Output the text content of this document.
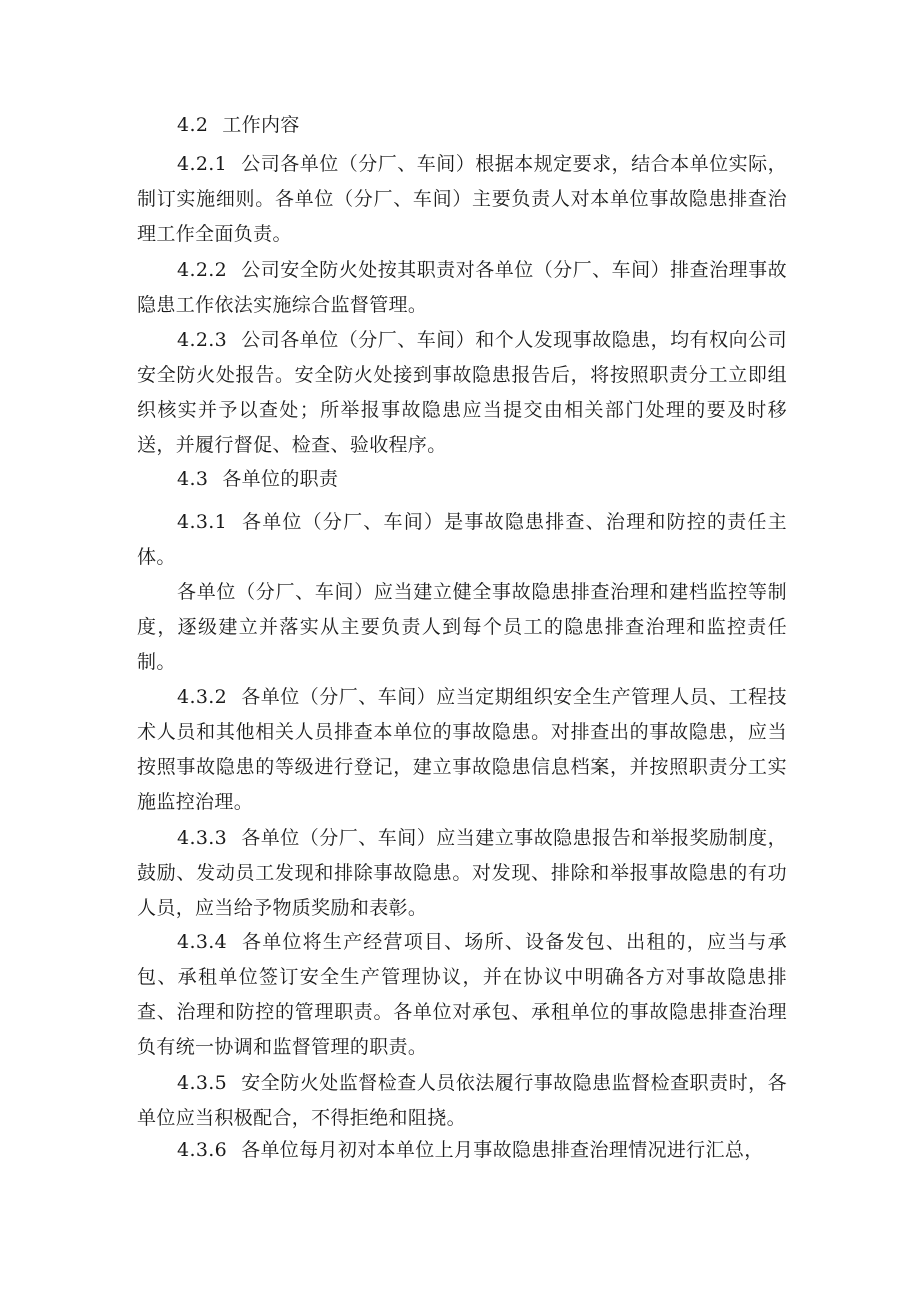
4.2 工作内容

4.2.1 公司各单位（分厂、车间）根据本规定要求，结合本单位实际，制订实施细则。各单位（分厂、车间）主要负责人对本单位事故隐患排查治理工作全面负责。

4.2.2 公司安全防火处按其职责对各单位（分厂、车间）排查治理事故隐患工作依法实施综合监督管理。

4.2.3 公司各单位（分厂、车间）和个人发现事故隐患，均有权向公司安全防火处报告。安全防火处接到事故隐患报告后，将按照职责分工立即组织核实并予以查处；所举报事故隐患应当提交由相关部门处理的要及时移送，并履行督促、检查、验收程序。

4.3 各单位的职责

4.3.1 各单位（分厂、车间）是事故隐患排查、治理和防控的责任主体。

各单位（分厂、车间）应当建立健全事故隐患排查治理和建档监控等制度，逐级建立并落实从主要负责人到每个员工的隐患排查治理和监控责任制。

4.3.2 各单位（分厂、车间）应当定期组织安全生产管理人员、工程技术人员和其他相关人员排查本单位的事故隐患。对排查出的事故隐患，应当按照事故隐患的等级进行登记，建立事故隐患信息档案，并按照职责分工实施监控治理。

4.3.3 各单位（分厂、车间）应当建立事故隐患报告和举报奖励制度，鼓励、发动员工发现和排除事故隐患。对发现、排除和举报事故隐患的有功人员，应当给予物质奖励和表彰。

4.3.4 各单位将生产经营项目、场所、设备发包、出租的，应当与承包、承租单位签订安全生产管理协议，并在协议中明确各方对事故隐患排查、治理和防控的管理职责。各单位对承包、承租单位的事故隐患排查治理负有统一协调和监督管理的职责。

4.3.5 安全防火处监督检查人员依法履行事故隐患监督检查职责时，各单位应当积极配合，不得拒绝和阻挠。

4.3.6 各单位每月初对本单位上月事故隐患排查治理情况进行汇总，
